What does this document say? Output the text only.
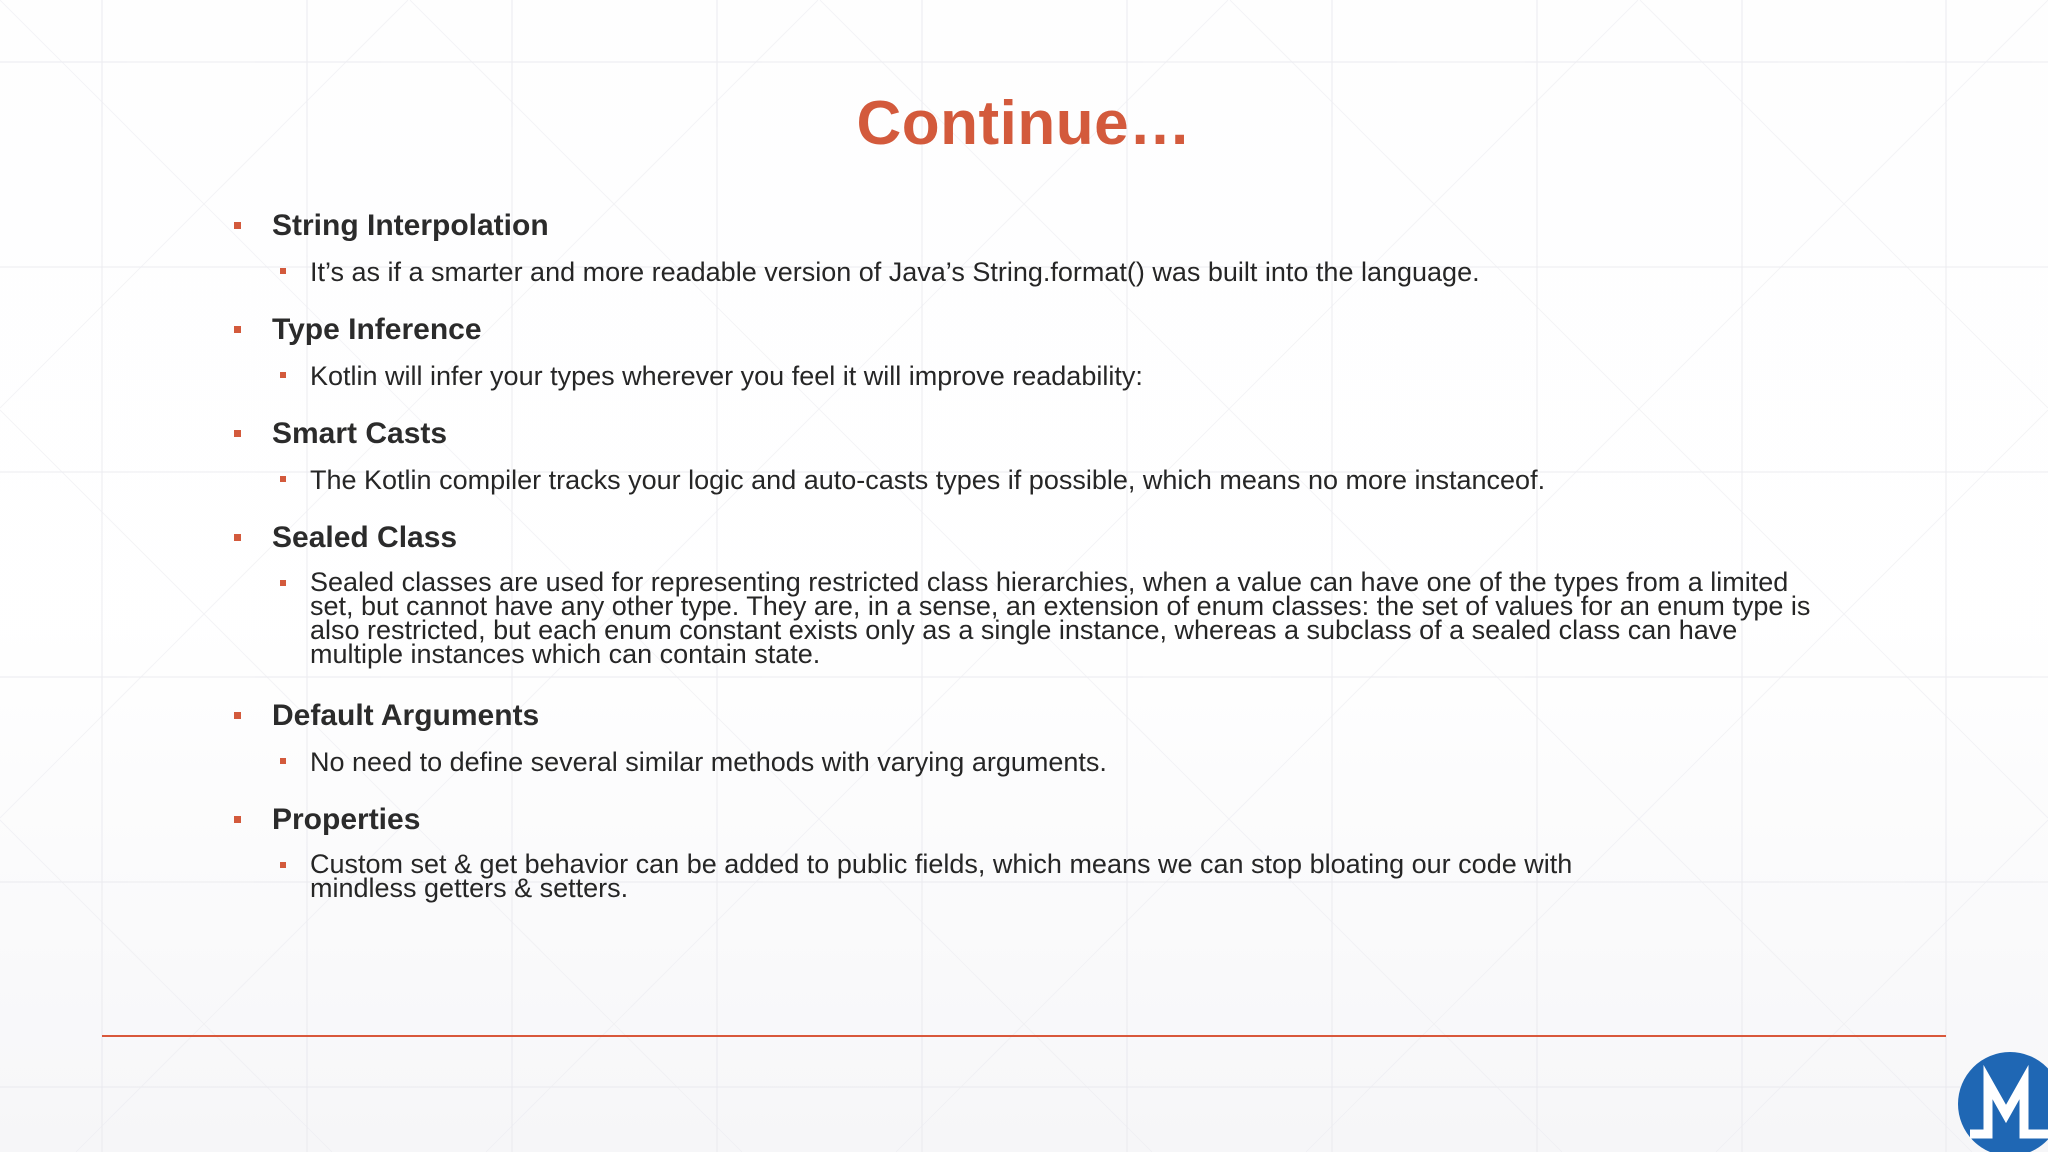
Continue…
String Interpolation
It’s as if a smarter and more readable version of Java’s String.format() was built into the language.
Type Inference
Kotlin will infer your types wherever you feel it will improve readability:
Smart Casts
The Kotlin compiler tracks your logic and auto-casts types if possible, which means no more instanceof.
Sealed Class
Sealed classes are used for representing restricted class hierarchies, when a value can have one of the types from a limited set, but cannot have any other type. They are, in a sense, an extension of enum classes: the set of values for an enum type is also restricted, but each enum constant exists only as a single instance, whereas a subclass of a sealed class can have multiple instances which can contain state.
Default Arguments
No need to define several similar methods with varying arguments.
Properties
Custom set & get behavior can be added to public fields, which means we can stop bloating our code with mindless getters & setters.
